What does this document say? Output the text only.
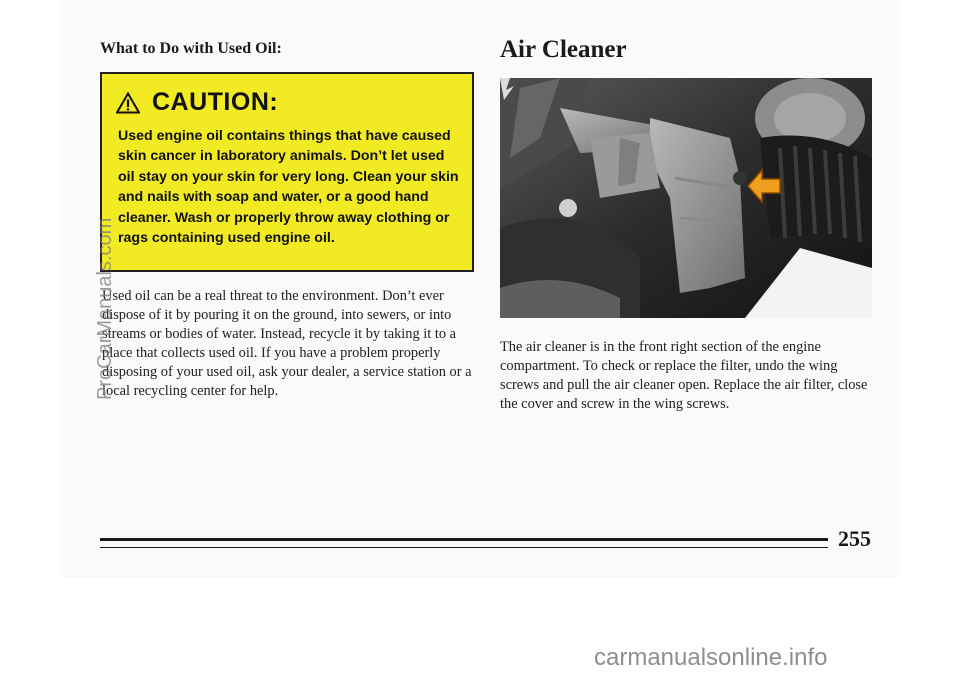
What to Do with Used Oil:
CAUTION:
Used engine oil contains things that have caused skin cancer in laboratory animals. Don’t let used oil stay on your skin for very long. Clean your skin and nails with soap and water, or a good hand cleaner. Wash or properly throw away clothing or rags containing used engine oil.
Used oil can be a real threat to the environment. Don’t ever dispose of it by pouring it on the ground, into sewers, or into streams or bodies of water. Instead, recycle it by taking it to a place that collects used oil. If you have a problem properly disposing of your used oil, ask your dealer, a service station or a local recycling center for help.
Air Cleaner
The air cleaner is in the front right section of the engine compartment. To check or replace the filter, undo the wing screws and pull the air cleaner open. Replace the air filter, close the cover and screw in the wing screws.
255
ProCarManuals.com
carmanualsonline.info
